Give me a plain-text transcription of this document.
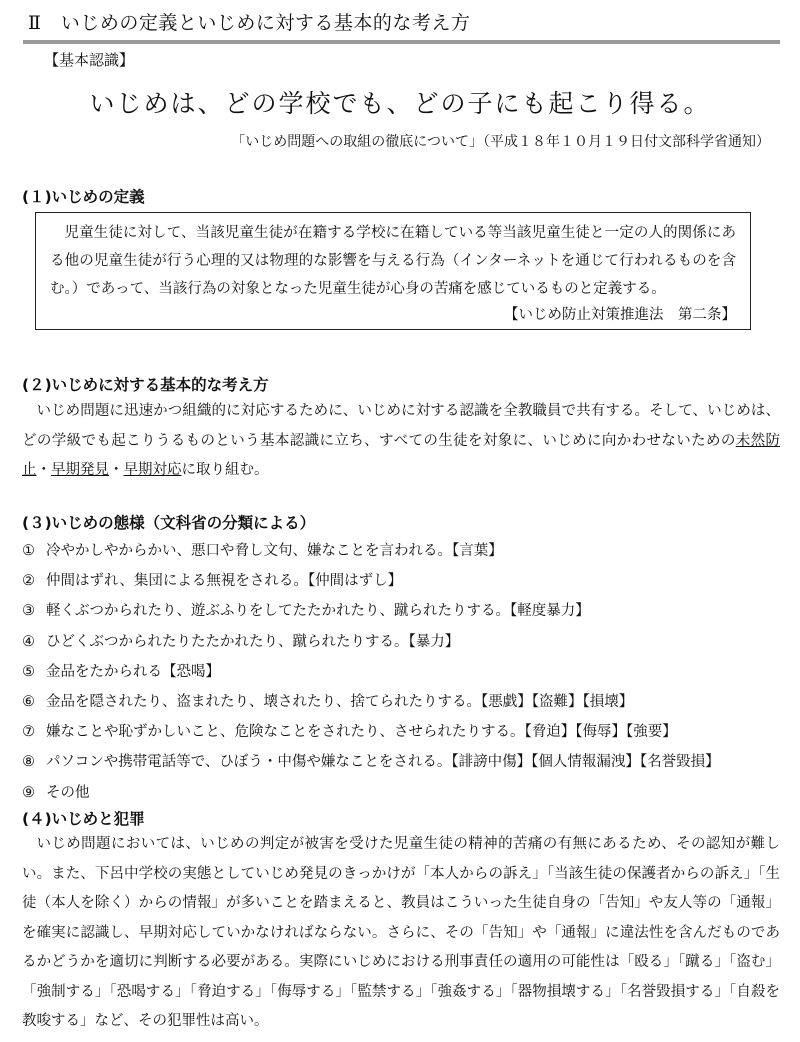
Ⅱ　いじめの定義といじめに対する基本的な考え方
【基本認識】
いじめは、どの学校でも、どの子にも起こり得る。
「いじめ問題への取組の徹底について」（平成１８年１０月１９日付文部科学省通知）
(１)いじめの定義
児童生徒に対して、当該児童生徒が在籍する学校に在籍している等当該児童生徒と一定の人的関係にある他の児童生徒が行う心理的又は物理的な影響を与える行為（インターネットを通じて行われるものを含む。）であって、当該行為の対象となった児童生徒が心身の苦痛を感じているものと定義する。
【いじめ防止対策推進法　第二条】
(２)いじめに対する基本的な考え方
いじめ問題に迅速かつ組織的に対応するために、いじめに対する認識を全教職員で共有する。そして、いじめは、どの学級でも起こりうるものという基本認識に立ち、すべての生徒を対象に、いじめに向かわせないための未然防止・早期発見・早期対応に取り組む。
(３)いじめの態様（文科省の分類による）
① 冷やかしやからかい、悪口や脅し文句、嫌なことを言われる。【言葉】
② 仲間はずれ、集団による無視をされる。【仲間はずし】
③ 軽くぶつかられたり、遊ぶふりをしてたたかれたり、蹴られたりする。【軽度暴力】
④ ひどくぶつかられたりたたかれたり、蹴られたりする。【暴力】
⑤ 金品をたかられる【恐喝】
⑥ 金品を隠されたり、盗まれたり、壊されたり、捨てられたりする。【悪戯】【盗難】【損壊】
⑦ 嫌なことや恥ずかしいこと、危険なことをされたり、させられたりする。【脅迫】【侮辱】【強要】
⑧ パソコンや携帯電話等で、ひぼう・中傷や嫌なことをされる。【誹謗中傷】【個人情報漏洩】【名誉毀損】
⑨ その他
(４)いじめと犯罪
いじめ問題においては、いじめの判定が被害を受けた児童生徒の精神的苦痛の有無にあるため、その認知が難しい。また、下呂中学校の実態としていじめ発見のきっかけが「本人からの訴え」「当該生徒の保護者からの訴え」「生徒（本人を除く）からの情報」が多いことを踏まえると、教員はこういった生徒自身の「告知」や友人等の「通報」を確実に認識し、早期対応していかなければならない。さらに、その「告知」や「通報」に違法性を含んだものであるかどうかを適切に判断する必要がある。実際にいじめにおける刑事責任の適用の可能性は「殴る」「蹴る」「盗む」「強制する」「恐喝する」「脅迫する」「侮辱する」「監禁する」「強姦する」「器物損壊する」「名誉毀損する」「自殺を教唆する」など、その犯罪性は高い。
